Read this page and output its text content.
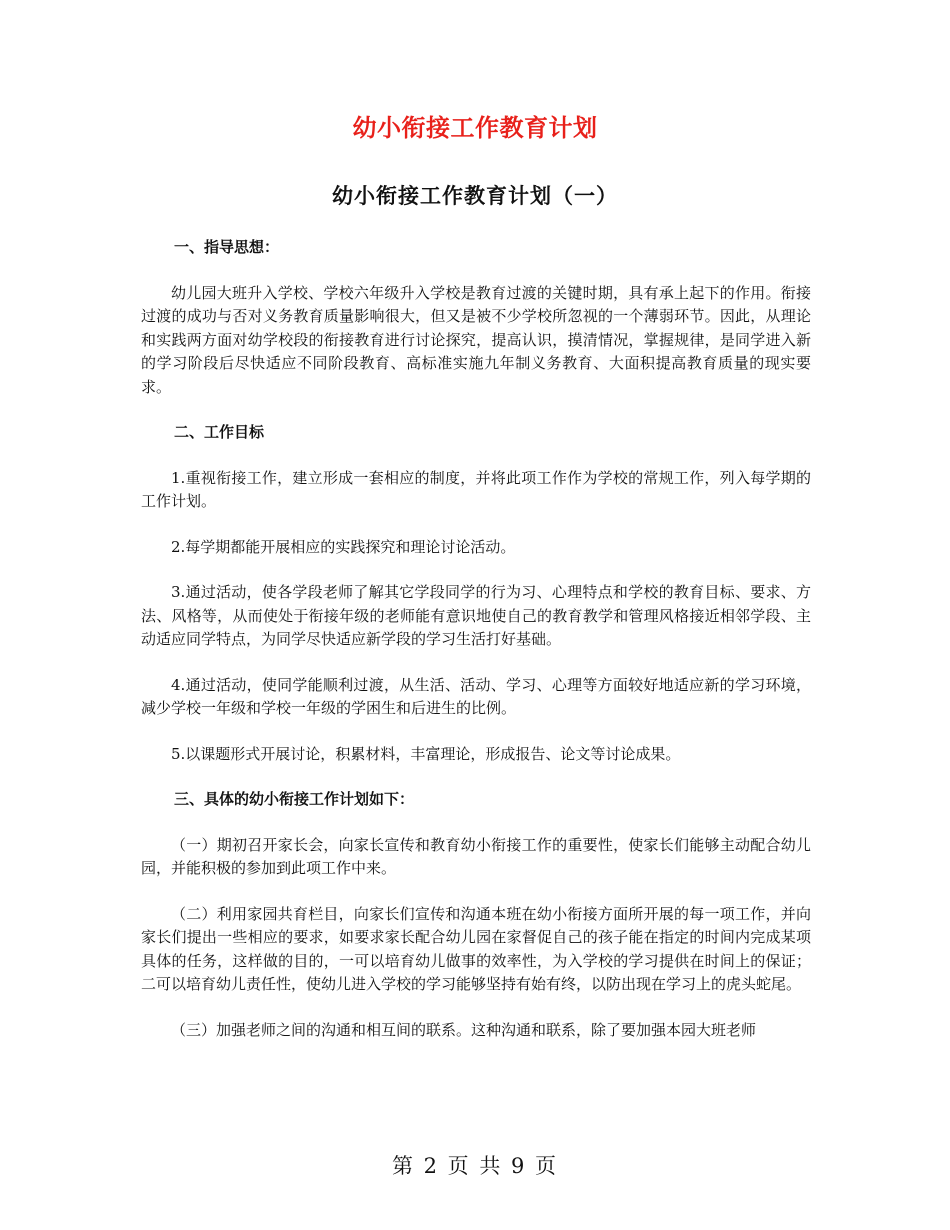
幼小衔接工作教育计划
幼小衔接工作教育计划（一）

一、指导思想：

幼儿园大班升入学校、学校六年级升入学校是教育过渡的关键时期，具有承上起下的作用。衔接过渡的成功与否对义务教育质量影响很大，但又是被不少学校所忽视的一个薄弱环节。因此，从理论和实践两方面对幼学校段的衔接教育进行讨论探究，提高认识，摸清情况，掌握规律，是同学进入新的学习阶段后尽快适应不同阶段教育、高标准实施九年制义务教育、大面积提高教育质量的现实要求。

二、工作目标

1.重视衔接工作，建立形成一套相应的制度，并将此项工作作为学校的常规工作，列入每学期的工作计划。

2.每学期都能开展相应的实践探究和理论讨论活动。

3.通过活动，使各学段老师了解其它学段同学的行为习、心理特点和学校的教育目标、要求、方法、风格等，从而使处于衔接年级的老师能有意识地使自己的教育教学和管理风格接近相邻学段、主动适应同学特点，为同学尽快适应新学段的学习生活打好基础。

4.通过活动，使同学能顺利过渡，从生活、活动、学习、心理等方面较好地适应新的学习环境，减少学校一年级和学校一年级的学困生和后进生的比例。

5.以课题形式开展讨论，积累材料，丰富理论，形成报告、论文等讨论成果。

三、具体的幼小衔接工作计划如下：

（一）期初召开家长会，向家长宣传和教育幼小衔接工作的重要性，使家长们能够主动配合幼儿园，并能积极的参加到此项工作中来。

（二）利用家园共育栏目，向家长们宣传和沟通本班在幼小衔接方面所开展的每一项工作，并向家长们提出一些相应的要求，如要求家长配合幼儿园在家督促自己的孩子能在指定的时间内完成某项具体的任务，这样做的目的，一可以培育幼儿做事的效率性，为入学校的学习提供在时间上的保证；二可以培育幼儿责任性，使幼儿进入学校的学习能够坚持有始有终，以防出现在学习上的虎头蛇尾。

（三）加强老师之间的沟通和相互间的联系。这种沟通和联系，除了要加强本园大班老师

第 2 页 共 9 页
